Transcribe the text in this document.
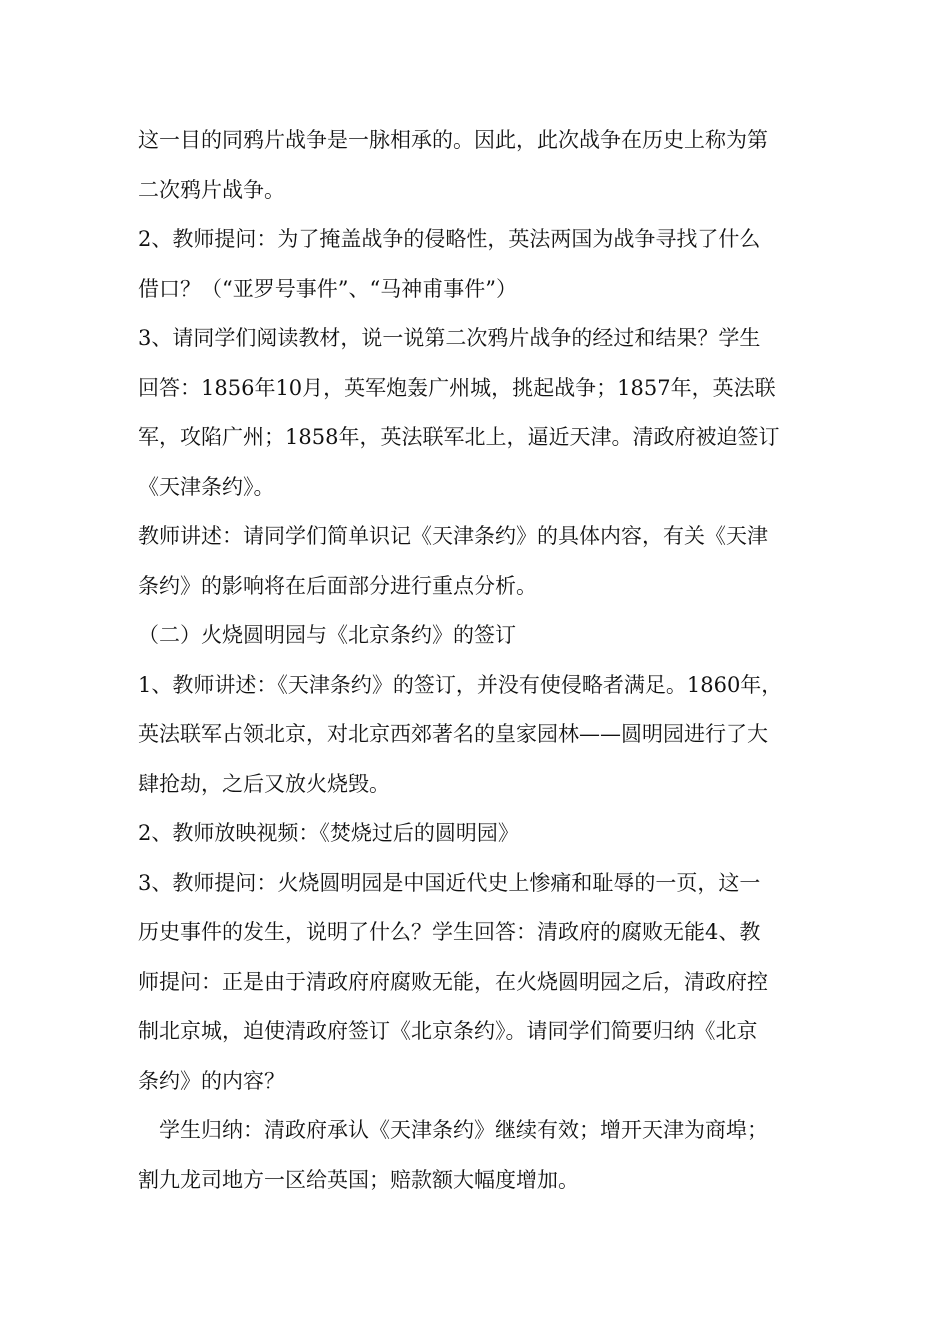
这一目的同鸦片战争是一脉相承的。因此，此次战争在历史上称为第
二次鸦片战争。
2、教师提问：为了掩盖战争的侵略性，英法两国为战争寻找了什么
借口？（“亚罗号事件”、“马神甫事件”）
3、请同学们阅读教材，说一说第二次鸦片战争的经过和结果？学生
回答：1856年10月，英军炮轰广州城，挑起战争；1857年，英法联
军，攻陷广州；1858年，英法联军北上，逼近天津。清政府被迫签订
《天津条约》。
教师讲述：请同学们简单识记《天津条约》的具体内容，有关《天津
条约》的影响将在后面部分进行重点分析。
（二）火烧圆明园与《北京条约》的签订
1、教师讲述：《天津条约》的签订，并没有使侵略者满足。1860年，
英法联军占领北京，对北京西郊著名的皇家园林——圆明园进行了大
肆抢劫，之后又放火烧毁。
2、教师放映视频：《焚烧过后的圆明园》
3、教师提问：火烧圆明园是中国近代史上惨痛和耻辱的一页，这一
历史事件的发生，说明了什么？学生回答：清政府的腐败无能4、教
师提问：正是由于清政府府腐败无能，在火烧圆明园之后，清政府控
制北京城，迫使清政府签订《北京条约》。请同学们简要归纳《北京
条约》的内容？
学生归纳：清政府承认《天津条约》继续有效；增开天津为商埠；
割九龙司地方一区给英国；赔款额大幅度增加。
